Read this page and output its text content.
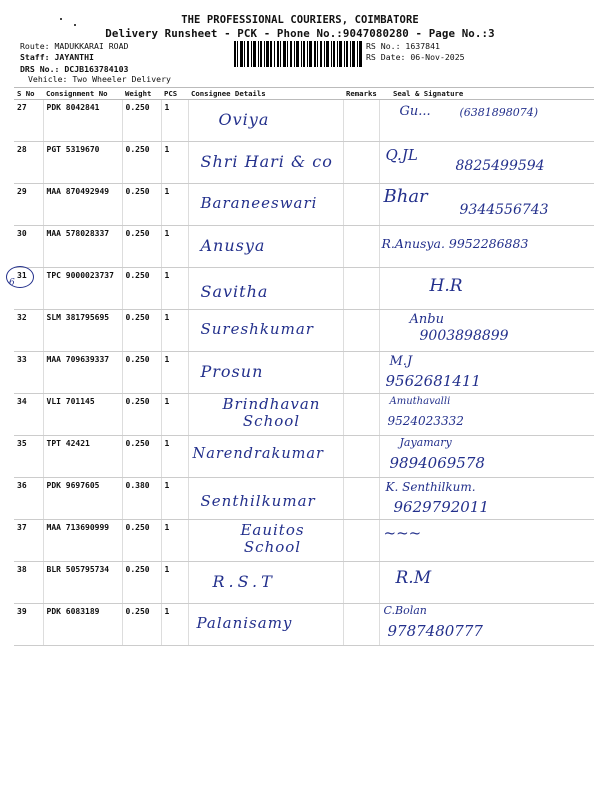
THE PROFESSIONAL COURIERS, COIMBATORE
Delivery Runsheet - PCK - Phone No.:9047080280 - Page No.:3
Route: MADUKKARAI ROAD
Staff: JAYANTHI
DRS No.: DCJB163784103
Vehicle: Two Wheeler Delivery
RS No.: 1637841
RS Date: 06-Nov-2025
S No	Consignment No	Weight	PCS	Consignee Details	Remarks	Seal & Signature
27	PDK 8042841	0.250	1	Oviya		Gu... (6381898074)

28	PGT 5319670	0.250	1	Shri Hari & co		Q.JL
8825499594

29	MAA 870492949	0.250	1	Baraneeswari		Bhar
9344556743

30	MAA 578028337	0.250	1	Anusya		R.Anusya. 9952286883

31	TPC 9000023737	0.250	1	Savitha		H.R

32	SLM 381795695	0.250	1	Sureshkumar		Anbu
9003898899

33	MAA 709639337	0.250	1	Prosun		M.J
9562681411

34	VLI 701145	0.250	1	Brindhavan School		Amuthavalli
9524023332

35	TPT 42421	0.250	1	Narendrakumar		Jayamary
9894069578

36	PDK 9697605	0.380	1	Senthilkumar		K. Senthilkum.
9629792011

37	MAA 713690999	0.250	1	Eauitos School		~~~

38	BLR 505795734	0.250	1	R.S.T		R.M

39	PDK 6083189	0.250	1	Palanisamy		C.Bolan
9787480777
6
